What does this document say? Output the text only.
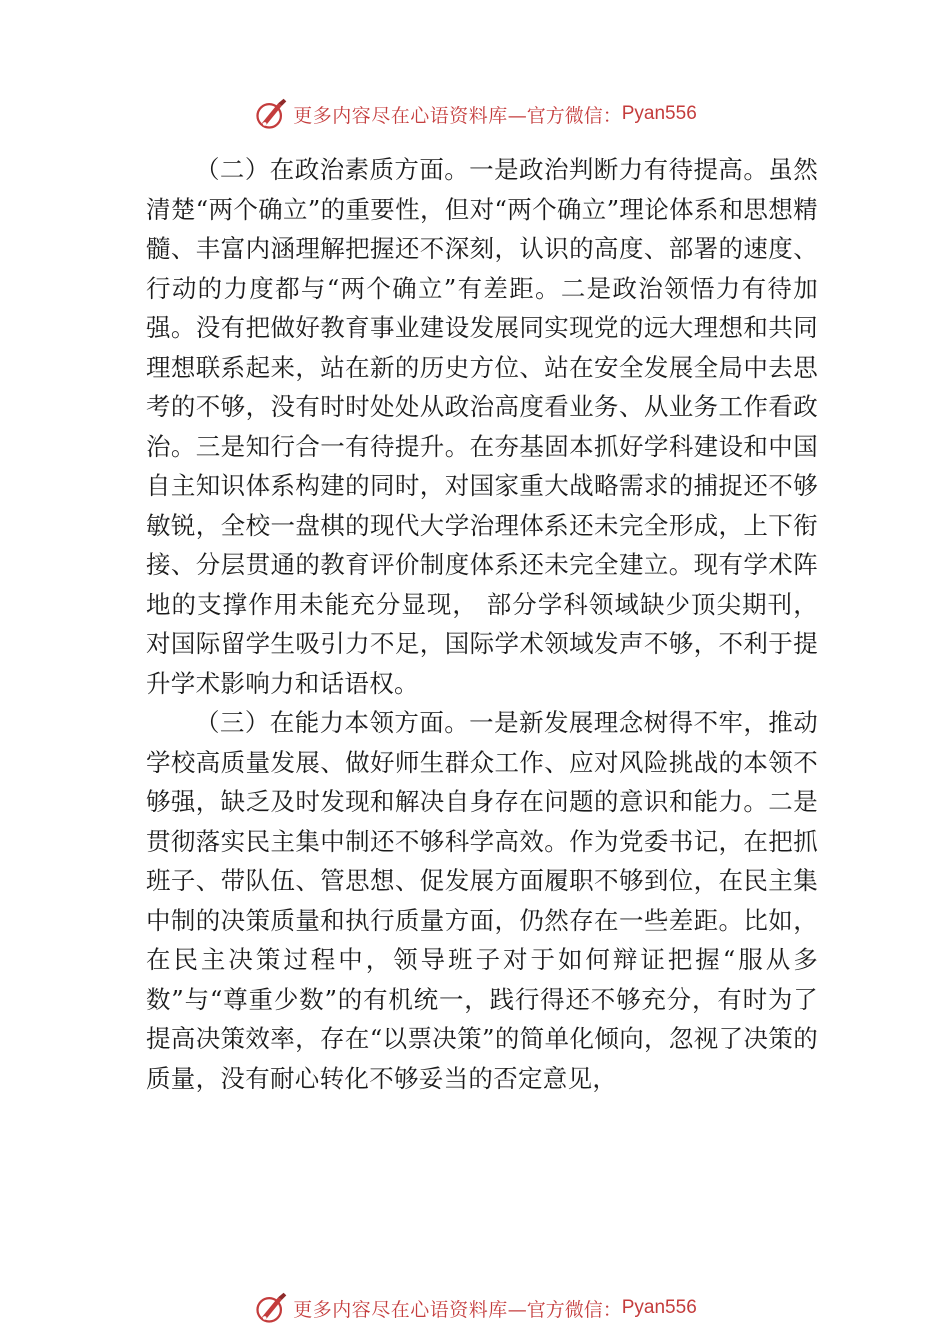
更多内容尽在心语资料库 —官方微信： Pyan556

（二）在政治素质方面。一是政治判断力有待提高。虽然清楚“两个确立”的重要性，但对“两个确立”理论体系和思想精髓、丰富内涵理解把握还不深刻，认识的高度、部署的速度、行动的力度都与“两个确立”有差距。二是政治领悟力有待加强。没有把做好教育事业建设发展同实现党的远大理想和共同理想联系起来，站在新的历史方位、站在安全发展全局中去思考的不够，没有时时处处从政治高度看业务、从业务工作看政治。三是知行合一有待提升。在夯基固本抓好学科建设和中国自主知识体系构建的同时，对国家重大战略需求的捕捉还不够敏锐，全校一盘棋的现代大学治理体系还未完全形成，上下衔接、分层贯通的教育评价制度体系还未完全建立。现有学术阵地的支撑作用未能充分显现， 部分学科领域缺少顶尖期刊，对国际留学生吸引力不足，国际学术领域发声不够，不利于提升学术影响力和话语权。

（三）在能力本领方面。一是新发展理念树得不牢，推动学校高质量发展、做好师生群众工作、应对风险挑战的本领不够强，缺乏及时发现和解决自身存在问题的意识和能力。二是贯彻落实民主集中制还不够科学高效。作为党委书记，在把抓班子、带队伍、管思想、促发展方面履职不够到位，在民主集中制的决策质量和执行质量方面，仍然存在一些差距。比如，在民主决策过程中，领导班子对于如何辩证把握“服从多数”与“尊重少数”的有机统一，践行得还不够充分，有时为了提高决策效率，存在“以票决策”的简单化倾向，忽视了决策的质量，没有耐心转化不够妥当的否定意见，

更多内容尽在心语资料库 —官方微信： Pyan556
